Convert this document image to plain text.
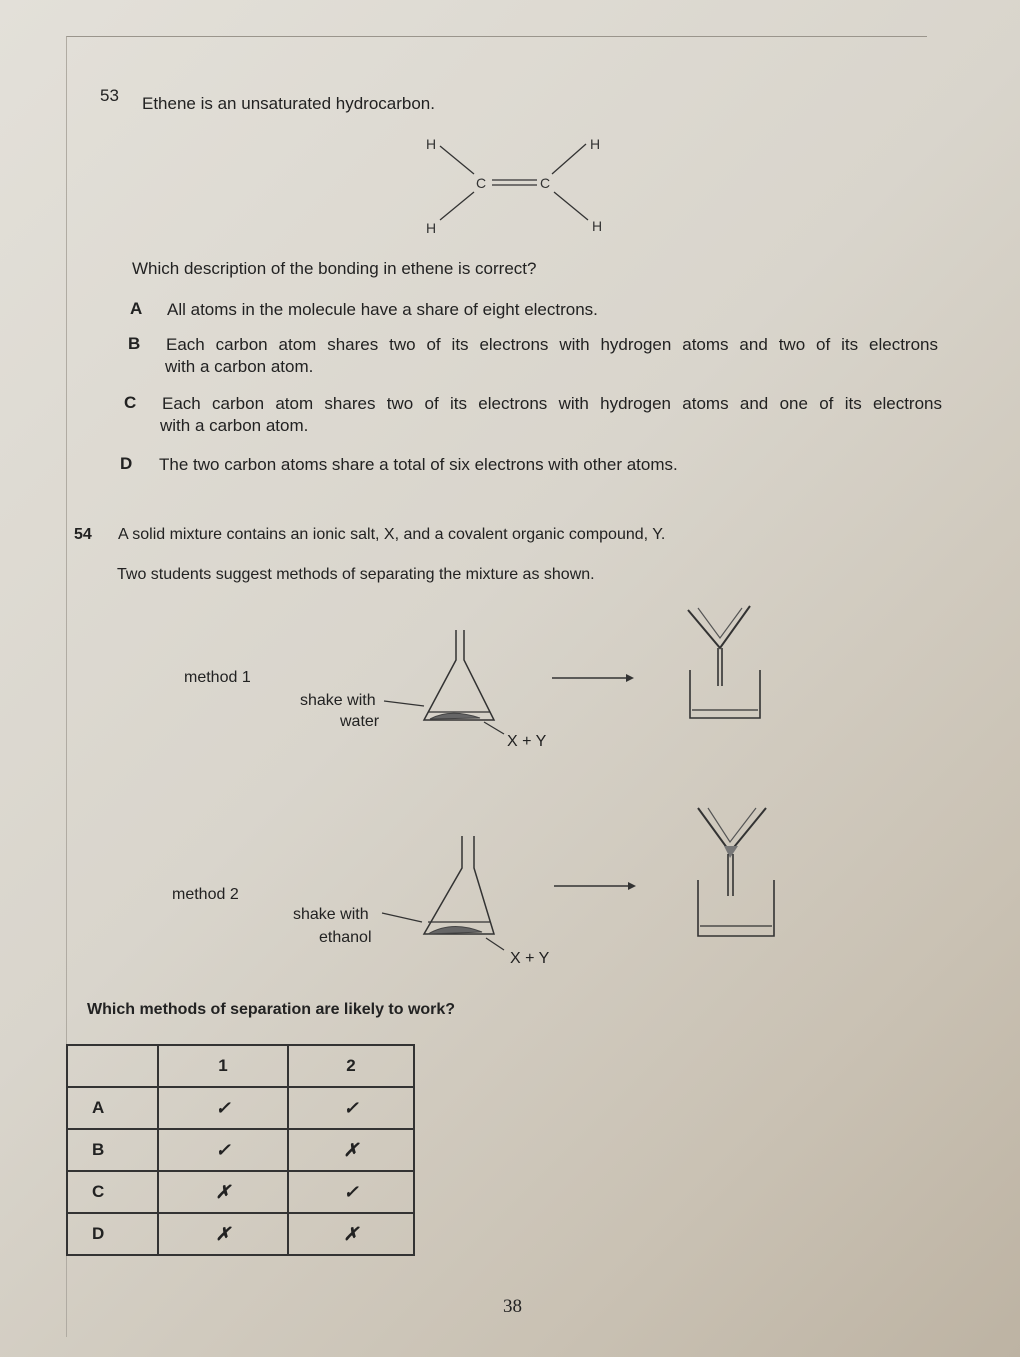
53 Ethene is an unsaturated hydrocarbon.
H	H
H	H
C	C
Which description of the bonding in ethene is correct?
A All atoms in the molecule have a share of eight electrons.
B Each carbon atom shares two of its electrons with hydrogen atoms and two of its electrons
with a carbon atom.
C Each carbon atom shares two of its electrons with hydrogen atoms and one of its electrons
with a carbon atom.
D The two carbon atoms share a total of six electrons with other atoms.
54 A solid mixture contains an ionic salt, X, and a covalent organic compound, Y.
Two students suggest methods of separating the mixture as shown.
method 1
shake with
water
X + Y
method 2
shake with
ethanol
X + Y
Which methods of separation are likely to work?
	1	2
A	✓	✓
B	✓	✗
C	✗	✓
D	✗	✗
38
